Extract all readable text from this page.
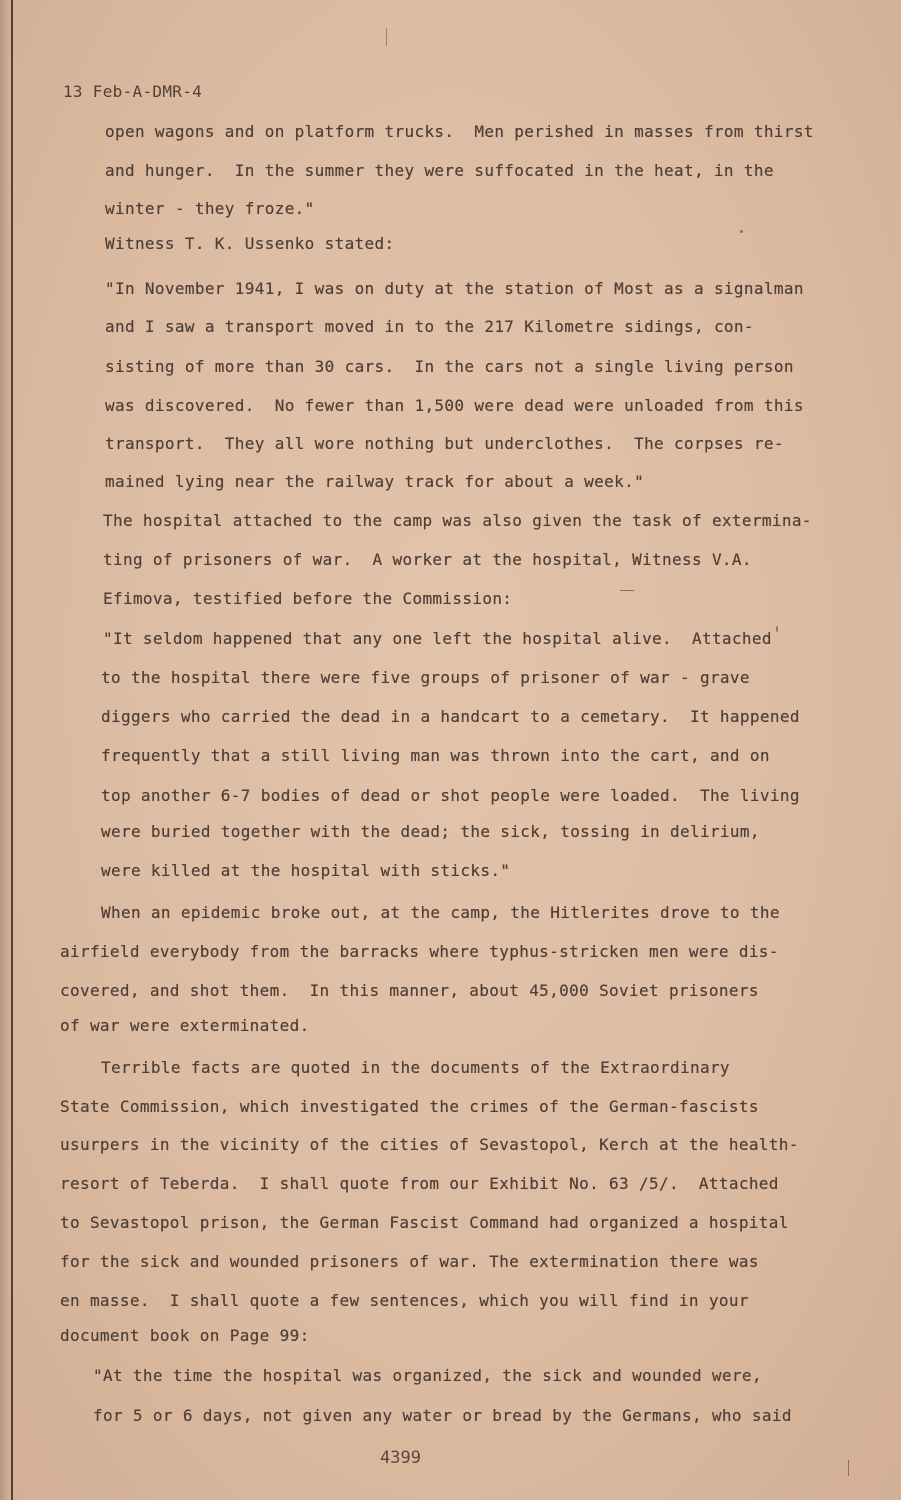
13 Feb-A-DMR-4
open wagons and on platform trucks.  Men perished in masses from thirst
and hunger.  In the summer they were suffocated in the heat, in the
winter - they froze."
Witness T. K. Ussenko stated:
"In November 1941, I was on duty at the station of Most as a signalman
and I saw a transport moved in to the 217 Kilometre sidings, con-
sisting of more than 30 cars.  In the cars not a single living person
was discovered.  No fewer than 1,500 were dead were unloaded from this
transport.  They all wore nothing but underclothes.  The corpses re-
mained lying near the railway track for about a week."
The hospital attached to the camp was also given the task of extermina-
ting of prisoners of war.  A worker at the hospital, Witness V.A.
Efimova, testified before the Commission:
"It seldom happened that any one left the hospital alive.  Attached
to the hospital there were five groups of prisoner of war - grave
diggers who carried the dead in a handcart to a cemetary.  It happened
frequently that a still living man was thrown into the cart, and on
top another 6-7 bodies of dead or shot people were loaded.  The living
were buried together with the dead; the sick, tossing in delirium,
were killed at the hospital with sticks."
When an epidemic broke out, at the camp, the Hitlerites drove to the
airfield everybody from the barracks where typhus-stricken men were dis-
covered, and shot them.  In this manner, about 45,000 Soviet prisoners
of war were exterminated.
Terrible facts are quoted in the documents of the Extraordinary
State Commission, which investigated the crimes of the German-fascists
usurpers in the vicinity of the cities of Sevastopol, Kerch at the health-
resort of Teberda.  I shall quote from our Exhibit No. 63 /5/.  Attached
to Sevastopol prison, the German Fascist Command had organized a hospital
for the sick and wounded prisoners of war. The extermination there was
en masse.  I shall quote a few sentences, which you will find in your
document book on Page 99:
"At the time the hospital was organized, the sick and wounded were,
for 5 or 6 days, not given any water or bread by the Germans, who said
4399
